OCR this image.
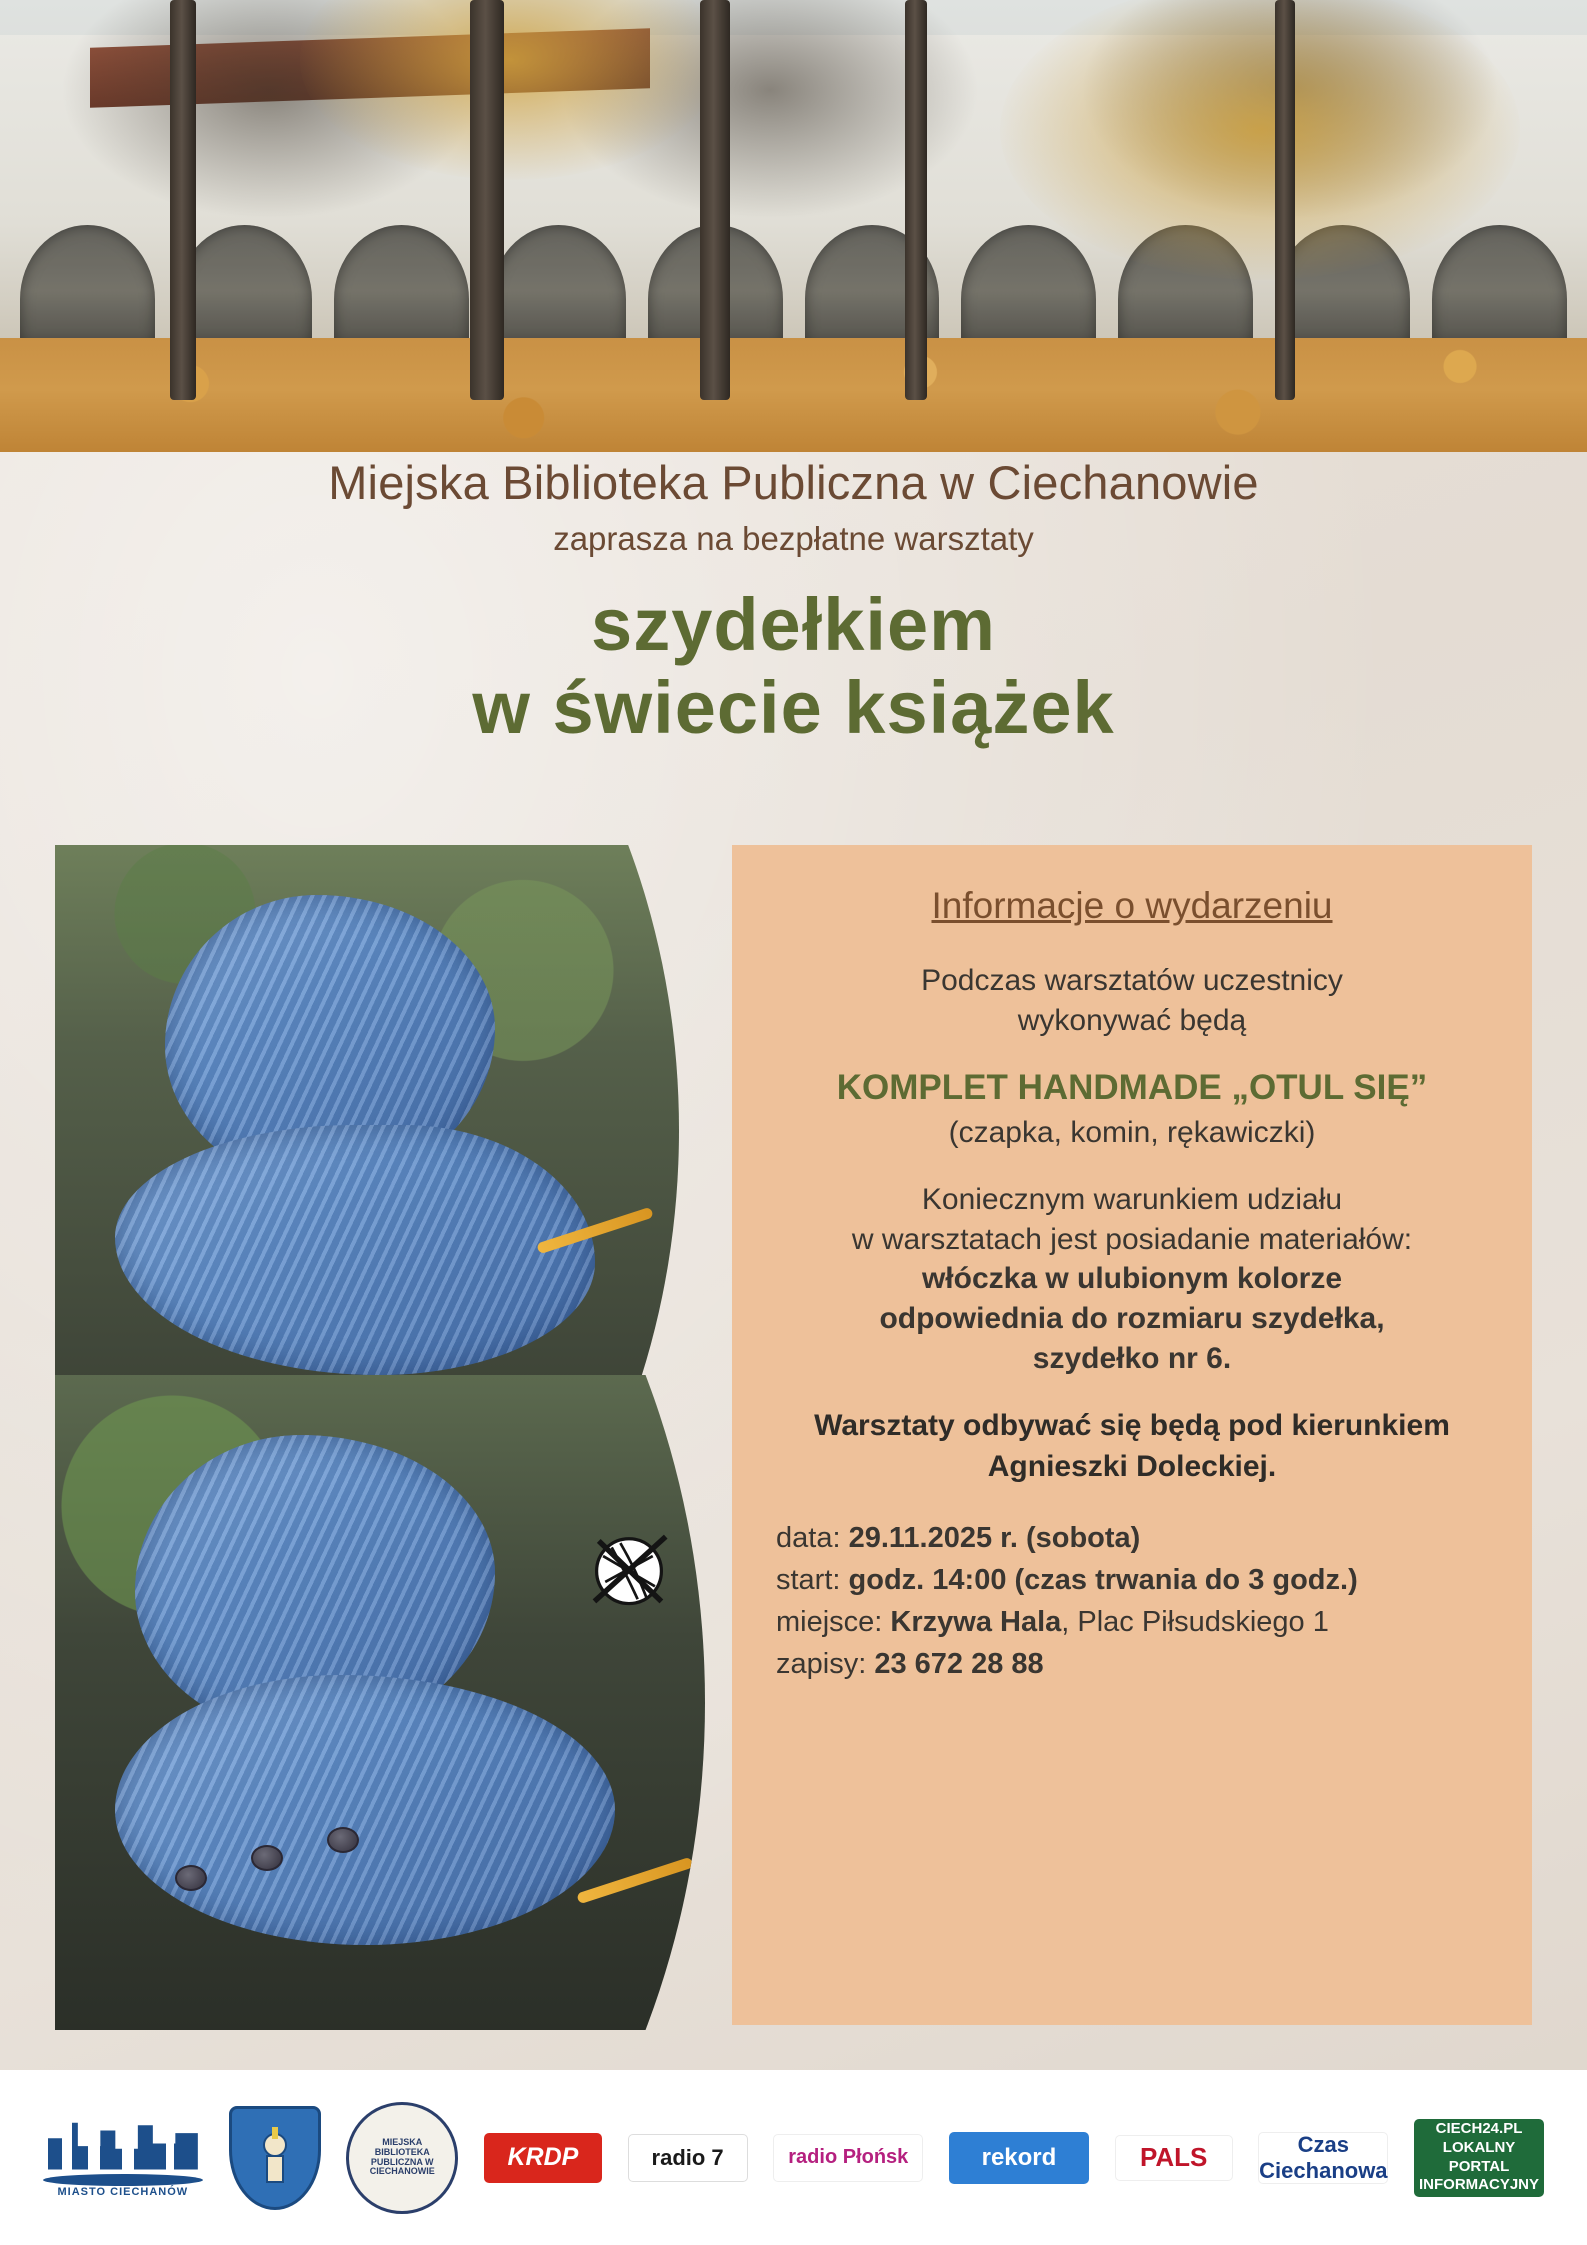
Miejska Biblioteka Publiczna w Ciechanowie
zaprasza na bezpłatne warsztaty
szydełkiem
w świecie książek
Informacje o wydarzeniu
Podczas warsztatów uczestnicy
wykonywać będą
KOMPLET HANDMADE „OTUL SIĘ”
(czapka, komin, rękawiczki)
Koniecznym warunkiem udziału
w warsztatach jest posiadanie materiałów:
włóczka w ulubionym kolorze
odpowiednia do rozmiaru szydełka,
szydełko nr 6.
Warsztaty odbywać się będą pod kierunkiem
Agnieszki Doleckiej.
data: 29.11.2025 r. (sobota)
start: godz. 14:00 (czas trwania do 3 godz.)
miejsce: Krzywa Hala, Plac Piłsudskiego 1
zapisy: 23 672 28 88
MIASTO CIECHANÓW
MIEJSKA BIBLIOTEKA PUBLICZNA W CIECHANOWIE
KRDP	radio 7	radio Płońsk	rekord	PALS	Czas Ciechanowa
CIECH24.PL LOKALNY PORTAL INFORMACYJNY
